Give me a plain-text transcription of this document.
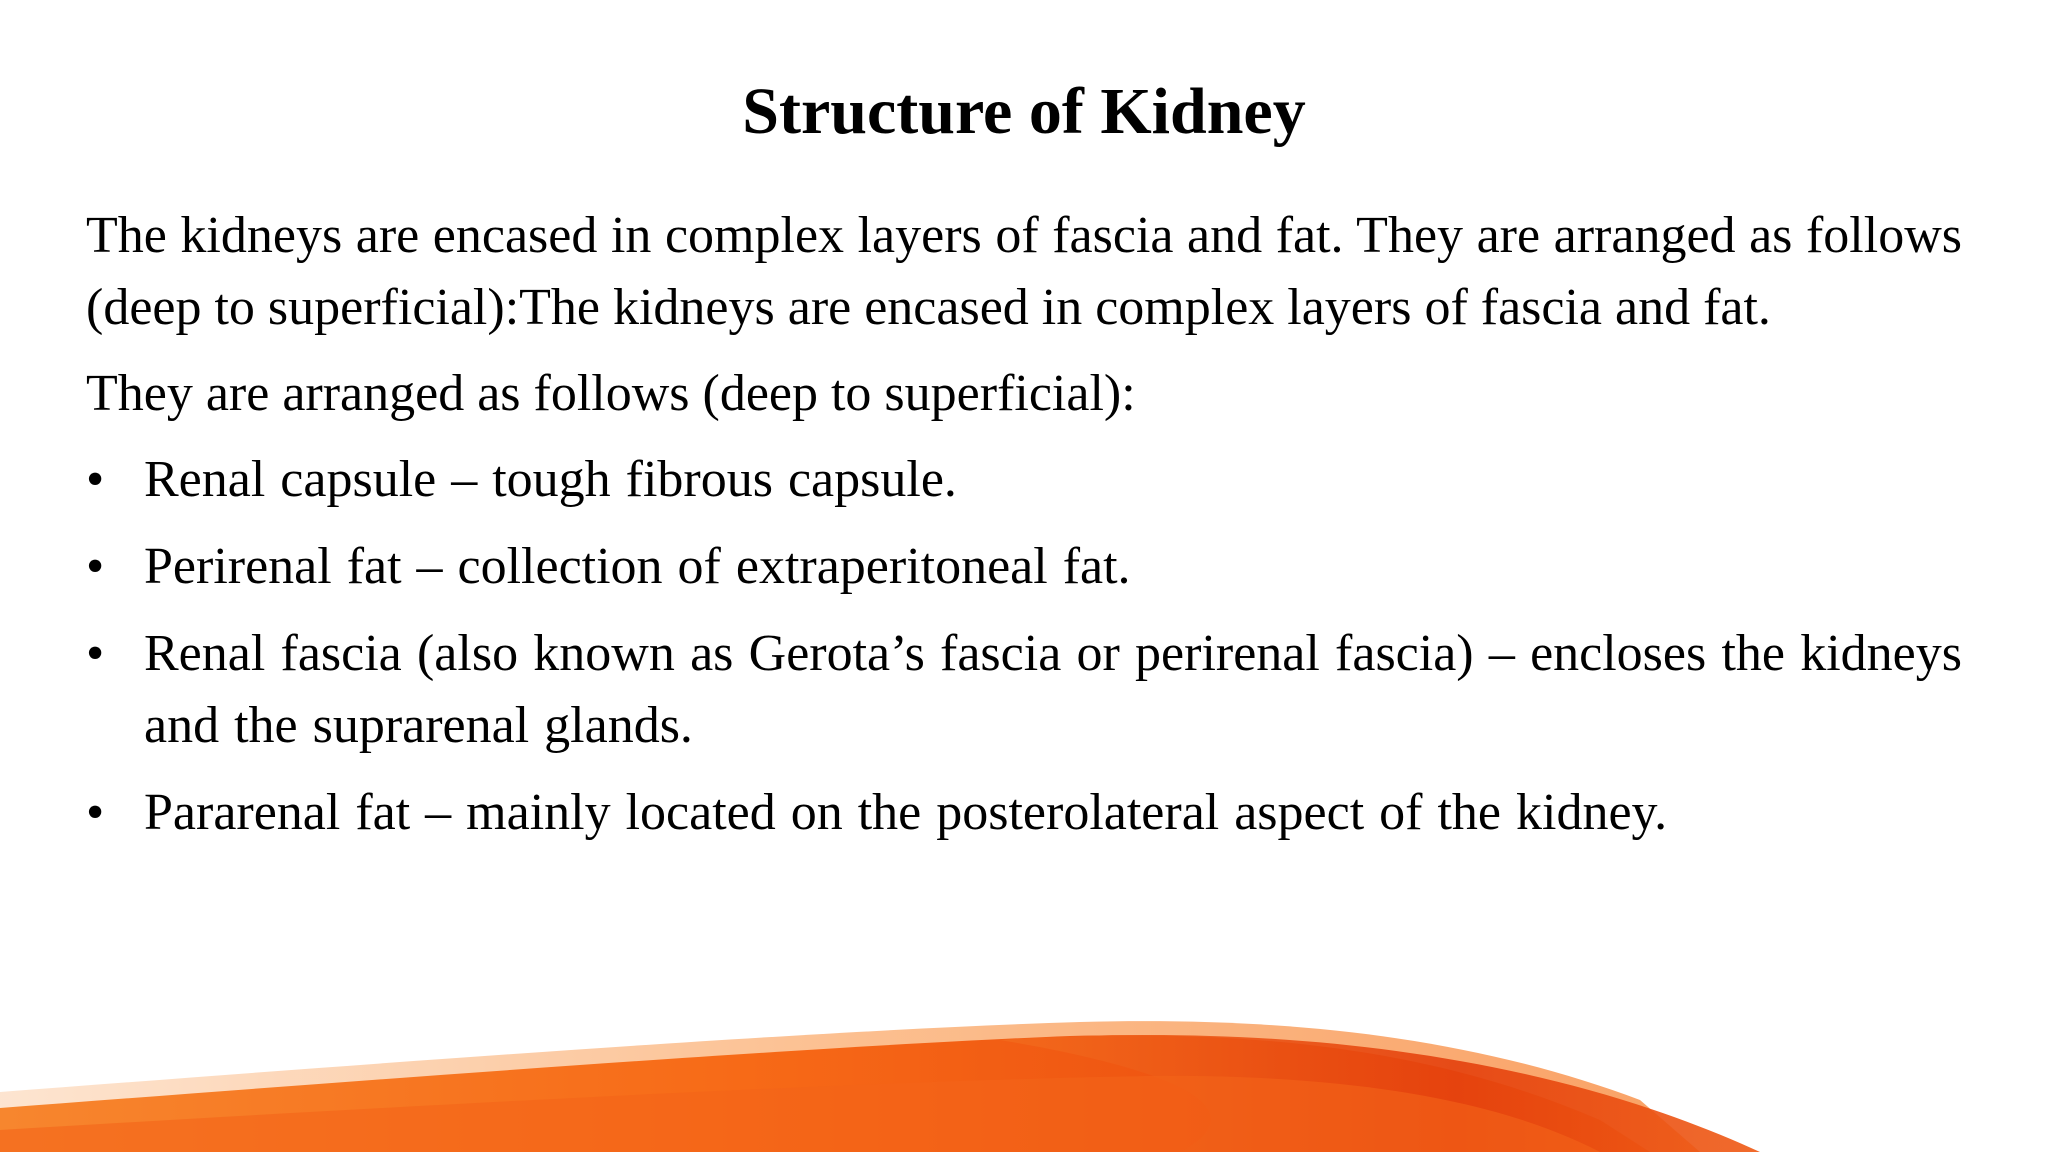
Structure of Kidney

The kidneys are encased in complex layers of fascia and fat. They are arranged as follows (deep to superficial):The kidneys are encased in complex layers of fascia and fat.

They are arranged as follows (deep to superficial):

• Renal capsule – tough fibrous capsule.
• Perirenal fat – collection of extraperitoneal fat.
• Renal fascia (also known as Gerota’s fascia or perirenal fascia) – encloses the kidneys and the suprarenal glands.
• Pararenal fat – mainly located on the posterolateral aspect of the kidney.
